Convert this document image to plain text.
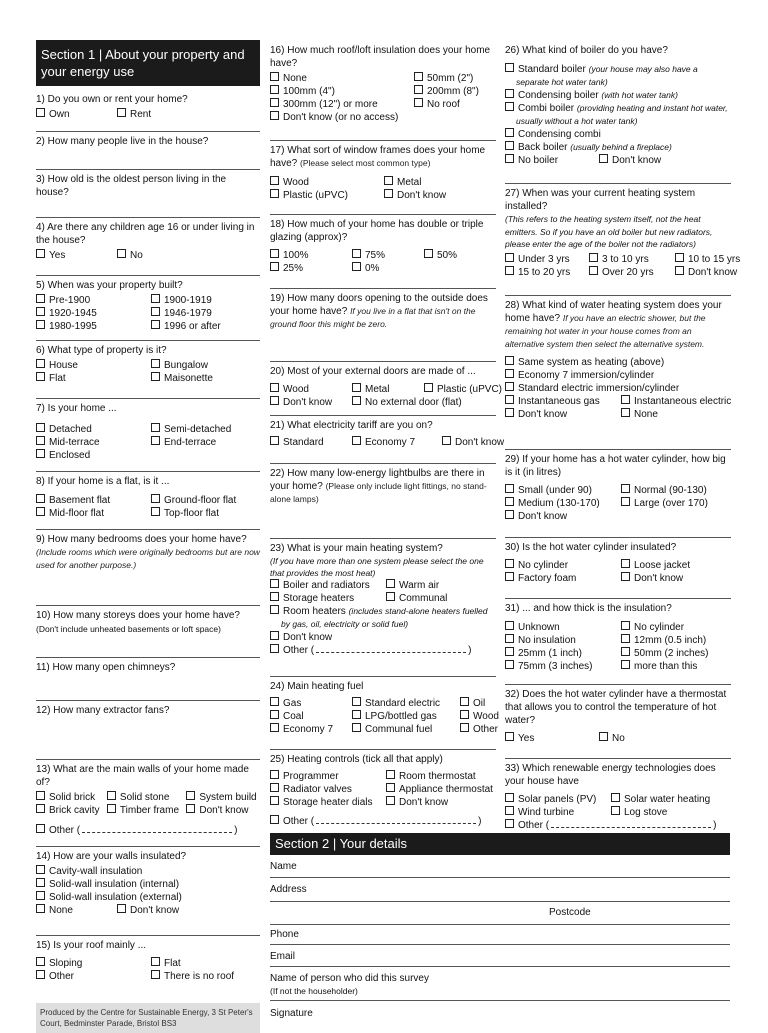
Section 1 | About your property and your energy use
1) Do you own or rent your home?
Own	Rent
2) How many people live in the house?
3) How old is the oldest person living in the house?
4) Are there any children age 16 or under living in the house?
Yes	No
5) When was your property built?
Pre-1900	1900-1919
1920-1945	1946-1979
1980-1995	1996 or after
6) What type of property is it?
House	Bungalow
Flat	Maisonette
7) Is your home ...
Detached	Semi-detached
Mid-terrace	End-terrace
Enclosed
8) If your home is a flat, is it ...
Basement flat	Ground-floor flat
Mid-floor flat	Top-floor flat
9) How many bedrooms does your home have? (Include rooms which were originally bedrooms but are now used for another purpose.)
10) How many storeys does your home have?
(Don't include unheated basements or loft space)
11) How many open chimneys?
12) How many extractor fans?
13) What are the main walls of your home made of?
Solid brick	Solid stone	System build
Brick cavity	Timber frame	Don't know
Other (	)
14) How are your walls insulated?
Cavity-wall insulation
Solid-wall insulation (internal)
Solid-wall insulation (external)
None	Don't know
15) Is your roof mainly ...
Sloping	Flat
Other	There is no roof
Produced by the Centre for Sustainable Energy, 3 St Peter's Court, Bedminster Parade, Bristol BS3
16) How much roof/loft insulation does your home have?
None	50mm (2")
100mm (4")	200mm (8")
300mm (12") or more	No roof
Don't know (or no access)
17) What sort of window frames does your home have? (Please select most common type)
Wood	Metal
Plastic (uPVC)	Don't know
18) How much of your home has double or triple glazing (approx)?
100%	75%	50%
25%	0%
19) How many doors opening to the outside does your home have? If you live in a flat that isn't on the ground floor this might be zero.
20) Most of your external doors are made of ...
Wood	Metal	Plastic (uPVC)
Don't know	No external door (flat)
21) What electricity tariff are you on?
Standard	Economy 7	Don't know
22) How many low-energy lightbulbs are there in your home? (Please only include light fittings, no stand-alone lamps)
23) What is your main heating system?
(If you have more than one system please select the one that provides the most heat)
Boiler and radiators	Warm air
Storage heaters	Communal
Room heaters (includes stand-alone heaters fuelled by gas, oil, electricity or solid fuel)
Don't know
Other (	)
24) Main heating fuel
Gas	Standard electric	Oil
Coal	LPG/bottled gas	Wood
Economy 7	Communal fuel	Other
25) Heating controls (tick all that apply)
Programmer	Room thermostat
Radiator valves	Appliance thermostat
Storage heater dials	Don't know
Other (	)
26) What kind of boiler do you have?
Standard boiler (your house may also have a separate hot water tank)
Condensing boiler (with hot water tank)
Combi boiler (providing heating and instant hot water, usually without a hot water tank)
Condensing combi
Back boiler (usually behind a fireplace)
No boiler	Don't know
27) When was your current heating system installed?
(This refers to the heating system itself, not the heat emitters. So if you have an old boiler but new radiators, please enter the age of the boiler not the radiators)
Under 3 yrs	3 to 10 yrs	10 to 15 yrs
15 to 20 yrs	Over 20 yrs	Don't know
28) What kind of water heating system does your home have? If you have an electric shower, but the remaining hot water in your house comes from an alternative system then select the alternative system.
Same system as heating (above)
Economy 7 immersion/cylinder
Standard electric immersion/cylinder
Instantaneous gas	Instantaneous electric
Don't know	None
29) If your home has a hot water cylinder, how big is it (in litres)
Small (under 90)	Normal (90-130)
Medium (130-170)	Large (over 170)
Don't know
30) Is the hot water cylinder insulated?
No cylinder	Loose jacket
Factory foam	Don't know
31) ... and how thick is the insulation?
Unknown	No cylinder
No insulation	12mm (0.5 inch)
25mm (1 inch)	50mm (2 inches)
75mm (3 inches)	more than this
32) Does the hot water cylinder have a thermostat that allows you to control the temperature of hot water?
Yes	No
33) Which renewable energy technologies does your house have
Solar panels (PV)	Solar water heating
Wind turbine	Log stove
Other (	)
Section 2 | Your details
Name
Address
Postcode
Phone
Email
Name of person who did this survey
(If not the householder)
Signature
